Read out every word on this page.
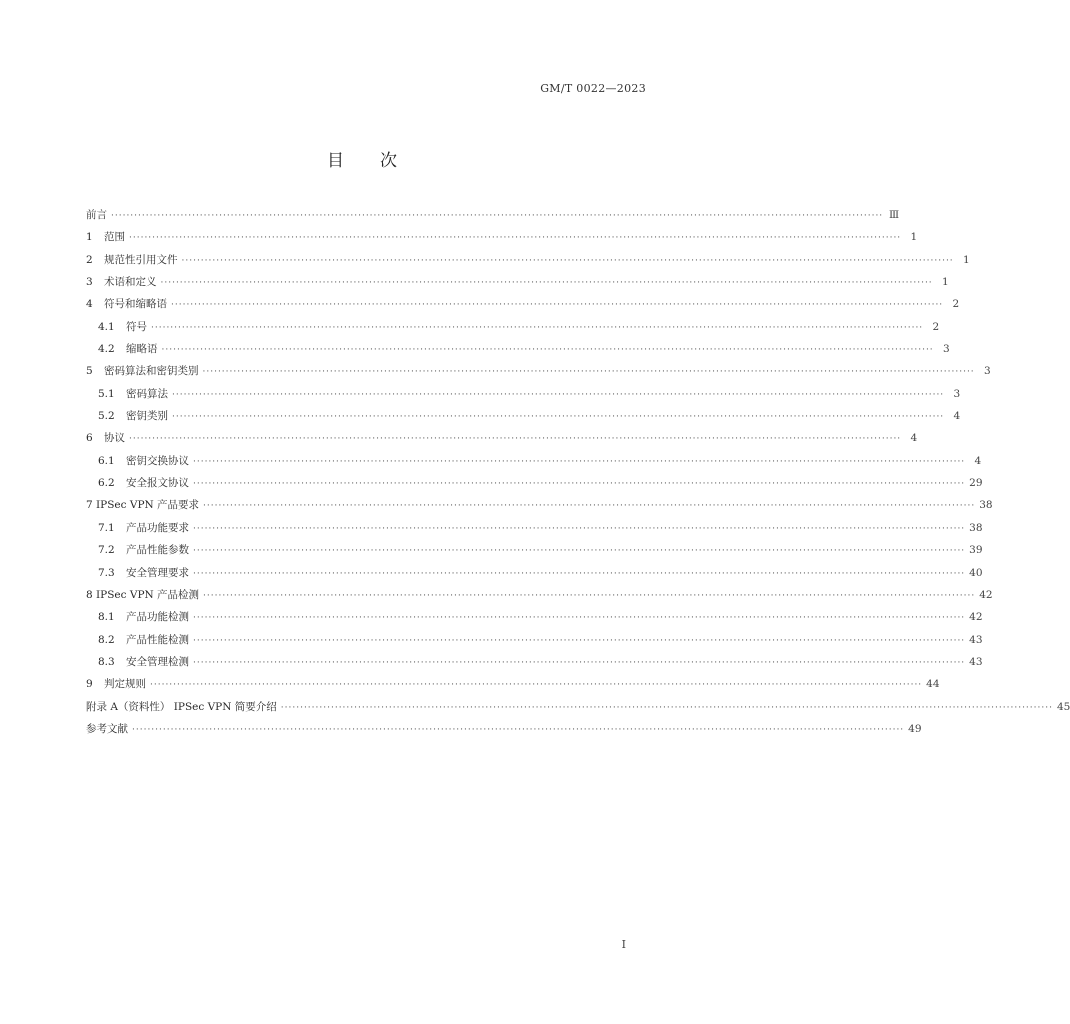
GM/T 0022—2023
目次
前言 ········································································································································································································ Ⅲ
1	范围 ········································································································································································································ 1
2	规范性引用文件 ········································································································································································································ 1
3	术语和定义 ········································································································································································································ 1
4	符号和缩略语 ········································································································································································································ 2
4.1	符号 ········································································································································································································ 2
4.2	缩略语 ········································································································································································································ 3
5	密码算法和密钥类别 ········································································································································································································ 3
5.1	密码算法 ········································································································································································································ 3
5.2	密钥类别 ········································································································································································································ 4
6	协议 ········································································································································································································ 4
6.1	密钥交换协议 ········································································································································································································ 4
6.2	安全报文协议 ········································································································································································································ 29
7 IPSec VPN 产品要求 ········································································································································································································ 38
7.1	产品功能要求 ········································································································································································································ 38
7.2	产品性能参数 ········································································································································································································ 39
7.3	安全管理要求 ········································································································································································································ 40
8 IPSec VPN 产品检测 ········································································································································································································ 42
8.1	产品功能检测 ········································································································································································································ 42
8.2	产品性能检测 ········································································································································································································ 43
8.3	安全管理检测 ········································································································································································································ 43
9	判定规则 ········································································································································································································ 44
附录 A（资料性） IPSec VPN 简要介绍 ········································································································································································································ 45
参考文献 ········································································································································································································ 49
I
